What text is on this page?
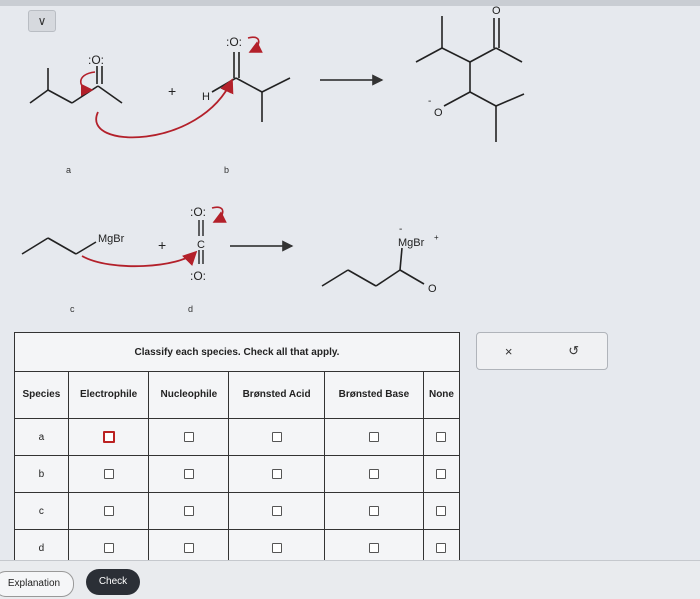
∨
:O:
+ H
:O:
O
O
-
a	b
MgBr +
:O:
C
:O:
MgBr +
-
O
c	d
Classify each species. Check all that apply.					
Species	Electrophile	Nucleophile	Brønsted Acid	Brønsted Base	None
a					
b					
c					
d					
×	↺
Explanation	Check
